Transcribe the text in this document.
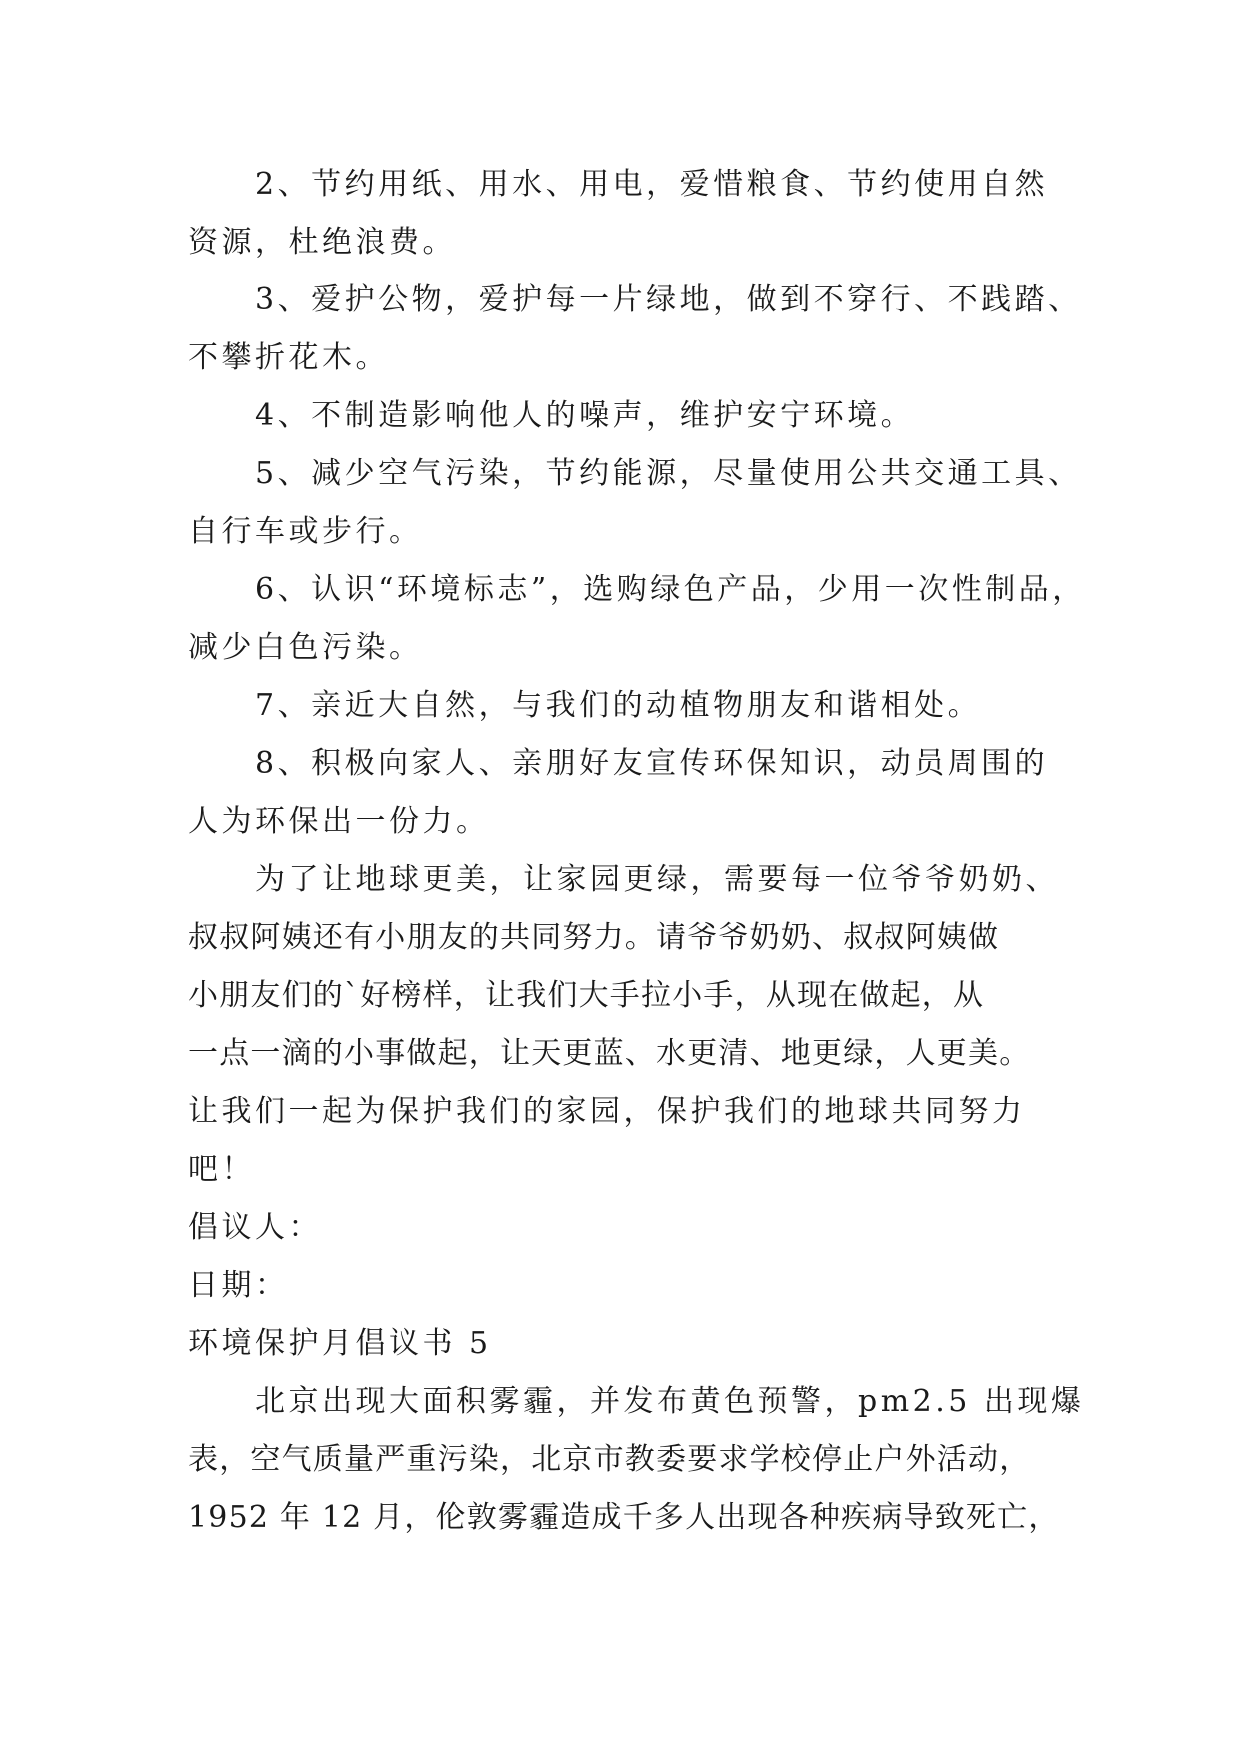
2、节约用纸、用水、用电，爱惜粮食、节约使用自然
资源，杜绝浪费。
3、爱护公物，爱护每一片绿地，做到不穿行、不践踏、
不攀折花木。
4、不制造影响他人的噪声，维护安宁环境。
5、减少空气污染，节约能源，尽量使用公共交通工具、
自行车或步行。
6、认识“环境标志”，选购绿色产品，少用一次性制品，
减少白色污染。
7、亲近大自然，与我们的动植物朋友和谐相处。
8、积极向家人、亲朋好友宣传环保知识，动员周围的
人为环保出一份力。
为了让地球更美，让家园更绿，需要每一位爷爷奶奶、
叔叔阿姨还有小朋友的共同努力。请爷爷奶奶、叔叔阿姨做
小朋友们的`好榜样，让我们大手拉小手，从现在做起，从
一点一滴的小事做起，让天更蓝、水更清、地更绿，人更美。
让我们一起为保护我们的家园，保护我们的地球共同努力
吧！
倡议人：
日期：
环境保护月倡议书 5
北京出现大面积雾霾，并发布黄色预警，pm2.5 出现爆
表，空气质量严重污染，北京市教委要求学校停止户外活动，
1952 年 12 月，伦敦雾霾造成千多人出现各种疾病导致死亡，
